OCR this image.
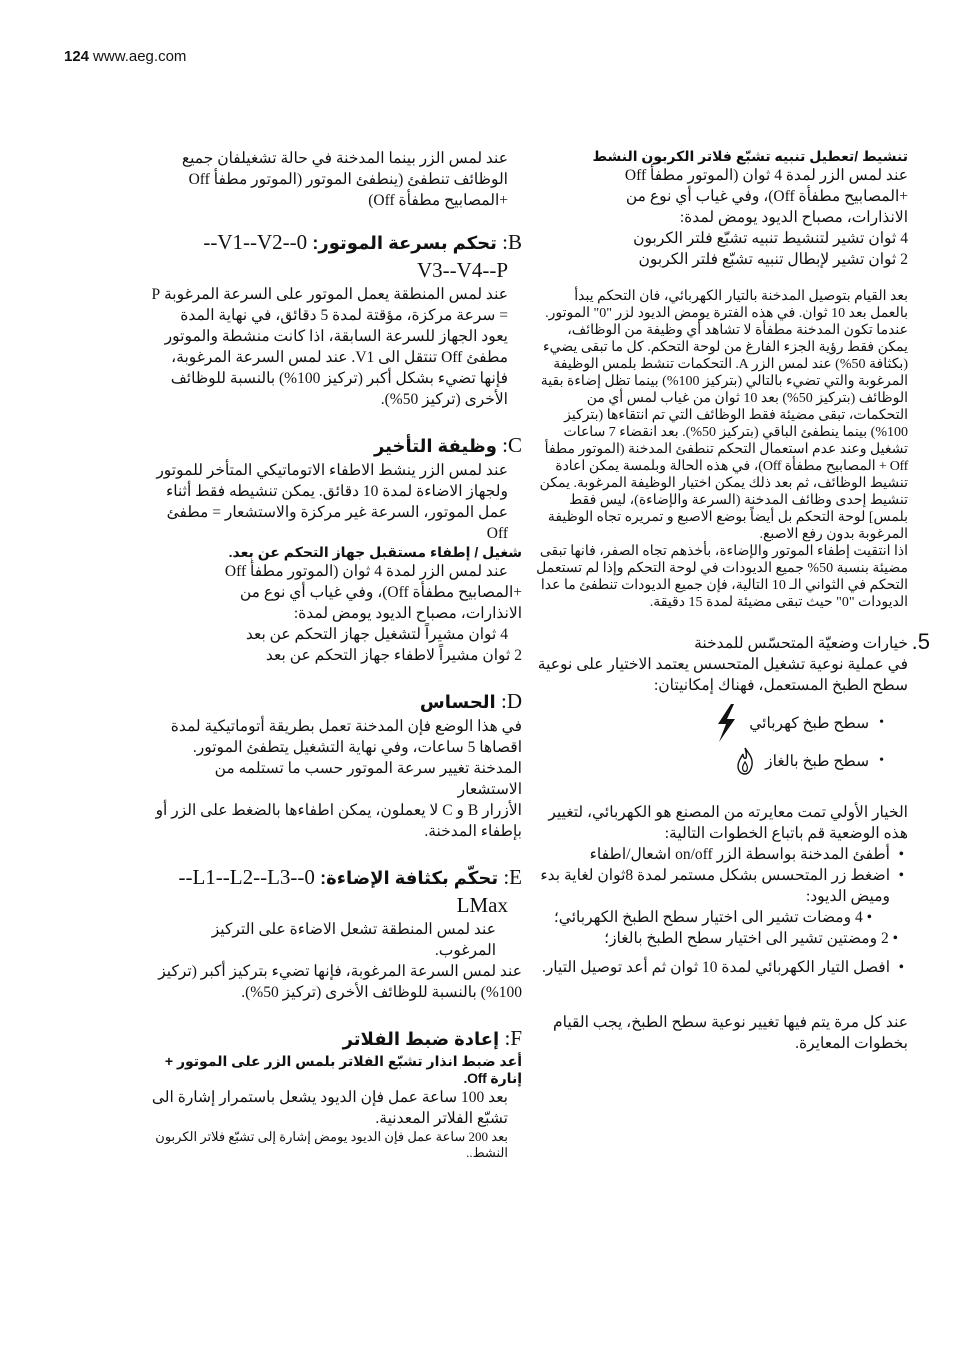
124 www.aeg.com

عند لمس الزر بينما المدخنة في حالة تشغيلفان جميع الوظائف تنطفئ (ينطفئ الموتور (الموتور مطفأ Off +المصابيح مطفأة Off)

B: تحكم بسرعة الموتور: 0--V1--V2--

V3--V4--P

عند لمس المنطقة يعمل الموتور على السرعة المرغوبة P = سرعة مركزة، مؤقتة لمدة 5 دقائق، في نهاية المدة يعود الجهاز للسرعة السابقة، اذا كانت منشطة والموتور مطفئ Off تنتقل الى V1. عند لمس السرعة المرغوبة، فإنها تضيء بشكل أكبر (تركيز 100%) بالنسبة للوظائف الأخرى (تركيز 50%).

C: وظيفة التأخير

عند لمس الزر ينشط الاطفاء الاتوماتيكي المتأخر للموتور ولجهاز الاضاءة لمدة 10 دقائق. يمكن تنشيطه فقط أثناء عمل الموتور، السرعة غير مركزة والاستشعار = مطفئ Off

شغيل / إطفاء مستقبل جهاز التحكم عن بعد.

عند لمس الزر لمدة 4 ثوان (الموتور مطفأ Off

+المصابيح مطفأة Off)، وفي غياب أي نوع من

الانذارات، مصباح الديود يومض لمدة:

4 ثوان مشيراً لتشغيل جهاز التحكم عن بعد

2 ثوان مشيراً لاطفاء جهاز التحكم عن بعد

D: الحساس

في هذا الوضع فإن المدخنة تعمل بطريقة أتوماتيكية لمدة اقصاها 5 ساعات، وفي نهاية التشغيل يتطفئ الموتور. المدخنة تغيير سرعة الموتور حسب ما تستلمه من الاستشعار

الأزرار B و C لا يعملون، يمكن اطفاءها بالضغط على الزر أو بإطفاء المدخنة.

E: تحكّم بكثافة الإضاءة: 0--L1--L2--L3--

LMax

عند لمس المنطقة تشعل الاضاءة على التركيز المرغوب.

عند لمس السرعة المرغوبة، فإنها تضيء بتركيز أكبر (تركيز 100%) بالنسبة للوظائف الأخرى (تركيز 50%).

F: إعادة ضبط الفلاتر

أعد ضبط انذار تشبّع الفلاتر بلمس الزر على الموتور + إنارة Off.

بعد 100 ساعة عمل فإن الديود يشعل باستمرار إشارة الى تشبّع الفلاتر المعدنية.

بعد 200 ساعة عمل فإن الديود يومض إشارة إلى تشبّع فلاتر الكربون النشط..

تنشيط /تعطيل تنبيه تشبّع فلاتر الكربون النشط

عند لمس الزر لمدة 4 ثوان (الموتور مطفأ Off

+المصابيح مطفأة Off)، وفي غياب أي نوع من

الانذارات، مصباح الديود يومض لمدة:

4 ثوان تشير لتنشيط تنبيه تشبّع فلتر الكربون

2 ثوان تشير لإبطال تنبيه تشبّع فلتر الكربون

بعد القيام بتوصيل المدخنة بالتيار الكهربائي، فان التحكم يبدأ بالعمل بعد 10 ثوان. في هذه الفترة يومض الديود لزر "0" الموتور. عندما تكون المدخنة مطفأة لا تشاهد أي وظيفة من الوظائف، يمكن فقط رؤية الجزء الفارغ من لوحة التحكم. كل ما تبقى يضيء (بكثافة 50%) عند لمس الزر A. التحكمات تنشط بلمس الوظيفة المرغوبة والتي تضيء بالتالي (بتركيز 100%) بينما تظل إضاءة بقية الوظائف (بتركيز 50%) بعد 10 ثوان من غياب لمس أي من التحكمات، تبقى مضيئة فقط الوظائف التي تم انتقاءها (بتركيز 100%) بينما ينطفئ الباقي (بتركيز 50%). بعد انقضاء 7 ساعات تشغيل وعند عدم استعمال التحكم تنطفئ المدخنة (الموتور مطفأ Off + المصابيح مطفأة Off)، في هذه الحالة وبلمسة يمكن اعادة تنشيط الوظائف، ثم بعد ذلك يمكن اختيار الوظيفة المرغوبة. يمكن تنشيط إحدى وظائف المدخنة (السرعة والإضاءة)، ليس فقط بلمس] لوحة التحكم بل أيضاً بوضع الاصبع و تمريره تجاه الوظيفة المرغوبة بدون رفع الاصبع.

اذا انتقيت إطفاء الموتور والإضاءة، بأخذهم تجاه الصفر، فانها تبقى مضيئة بنسبة 50% جميع الديودات في لوحة التحكم وإذا لم تستعمل التحكم في الثواني الـ 10 التالية، فإن جميع الديودات تنطفئ ما عدا الديودات "0" حيث تبقى مضيئة لمدة 15 دقيقة.

5.
خيارات وضعيّة المتحسّس للمدخنة

في عملية نوعية تشغيل المتحسس يعتمد الاختيار على نوعية سطح الطبخ المستعمل، فهناك إمكانيتان:

•
سطح طبخ كهربائي
•
سطح طبخ بالغاز

الخيار الأولي تمت معايرته من المصنع هو الكهربائي، لتغيير هذه الوضعية قم باتباع الخطوات التالية:

• أطفئ المدخنة بواسطة الزر on/off اشعال/اطفاء

• اضغط زر المتحسس بشكل مستمر لمدة 8ثوان لغاية بدء وميض الديود:

• 4 ومضات تشير الى اختيار سطح الطبخ الكهربائي؛

• 2 ومضتين تشير الى اختيار سطح الطبخ بالغاز؛

• افصل التيار الكهربائي لمدة 10 ثوان ثم أعد توصيل التيار.

عند كل مرة يتم فيها تغيير نوعية سطح الطبخ، يجب القيام بخطوات المعايرة.
